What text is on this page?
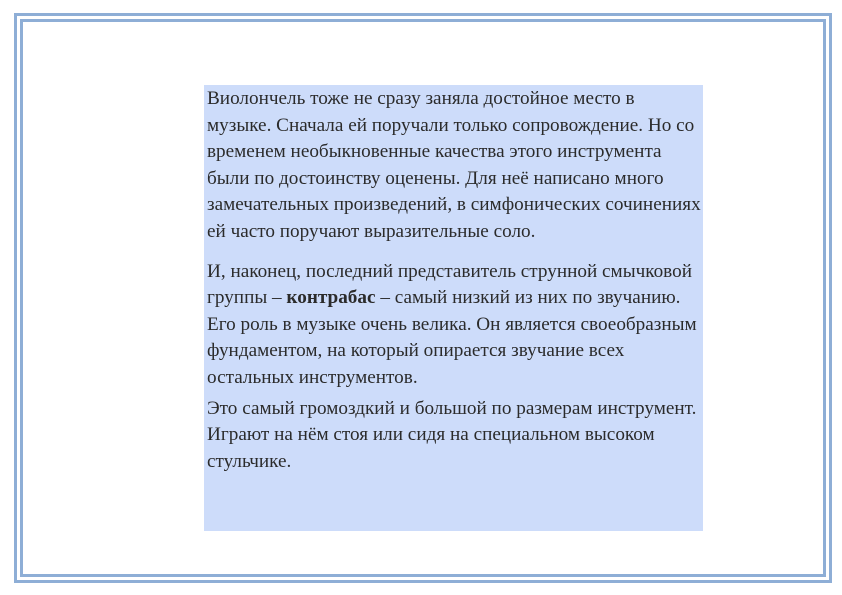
Виолончель тоже не сразу заняла достойное место в музыке. Сначала ей поручали только сопровождение. Но со временем необыкновенные качества этого инструмента были по достоинству оценены. Для неё написано много замечательных произведений, в симфонических сочинениях ей часто поручают выразительные соло.

И, наконец, последний представитель струнной смычковой группы – контрабас – самый низкий из них по звучанию. Его роль в музыке очень велика. Он является своеобразным фундаментом, на который опирается звучание всех остальных инструментов.

Это самый громоздкий и большой по размерам инструмент. Играют на нём стоя или сидя на специальном высоком стульчике.
